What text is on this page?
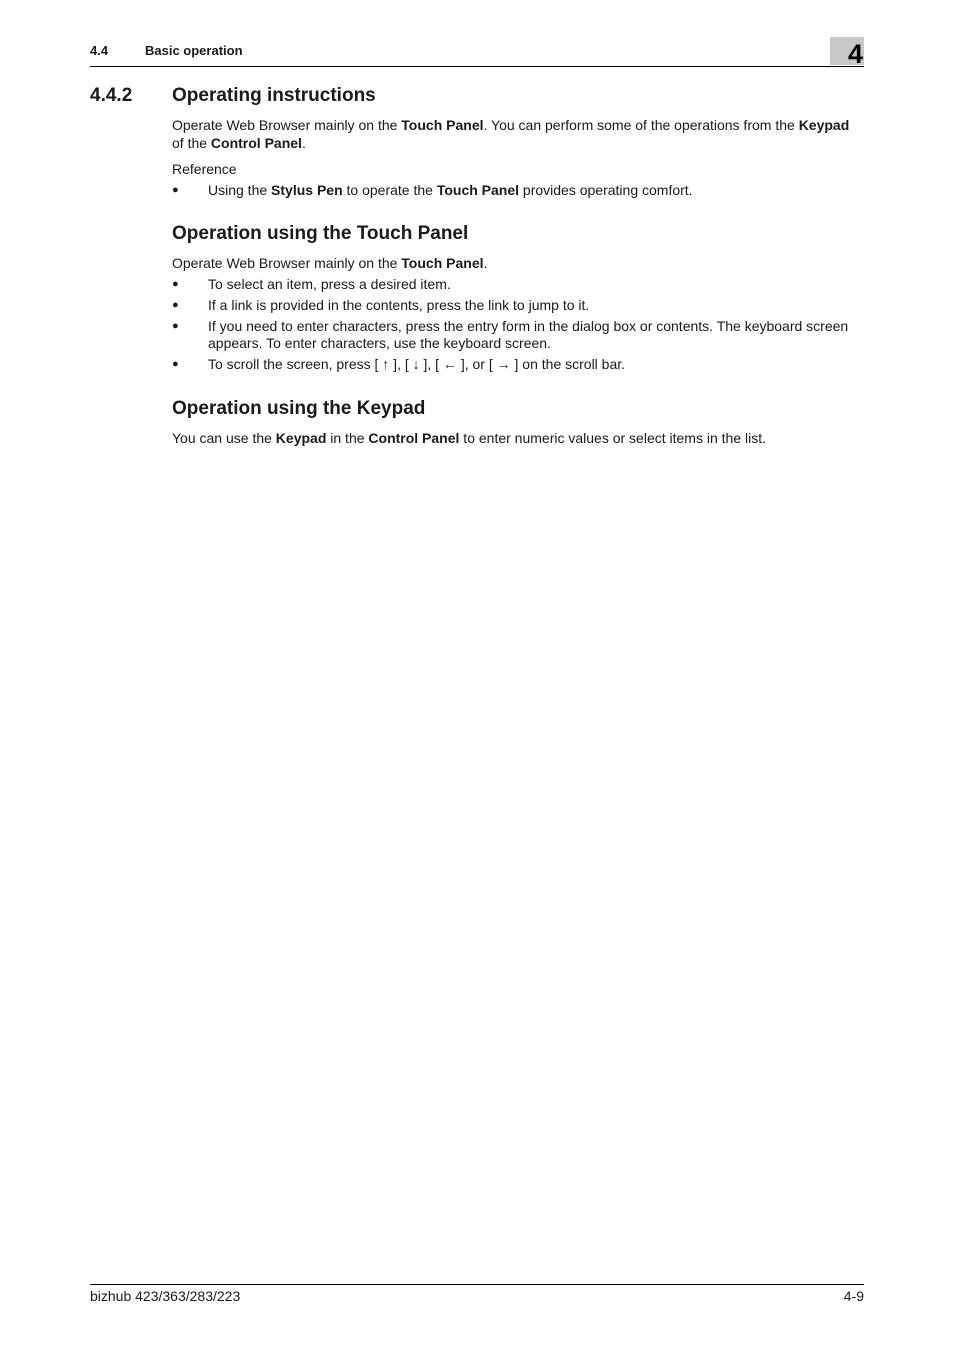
4.4	Basic operation	4
4.4.2 Operating instructions

Operate Web Browser mainly on the Touch Panel. You can perform some of the operations from the Keypad of the Control Panel.

Reference

● Using the Stylus Pen to operate the Touch Panel provides operating comfort.
Operation using the Touch Panel

Operate Web Browser mainly on the Touch Panel.

● To select an item, press a desired item.
● If a link is provided in the contents, press the link to jump to it.
● If you need to enter characters, press the entry form in the dialog box or contents. The keyboard screen appears. To enter characters, use the keyboard screen.
● To scroll the screen, press [ ↑ ], [ ↓ ], [ ← ], or [ → ] on the scroll bar.
Operation using the Keypad

You can use the Keypad in the Control Panel to enter numeric values or select items in the list.

bizhub 423/363/283/223	4-9
